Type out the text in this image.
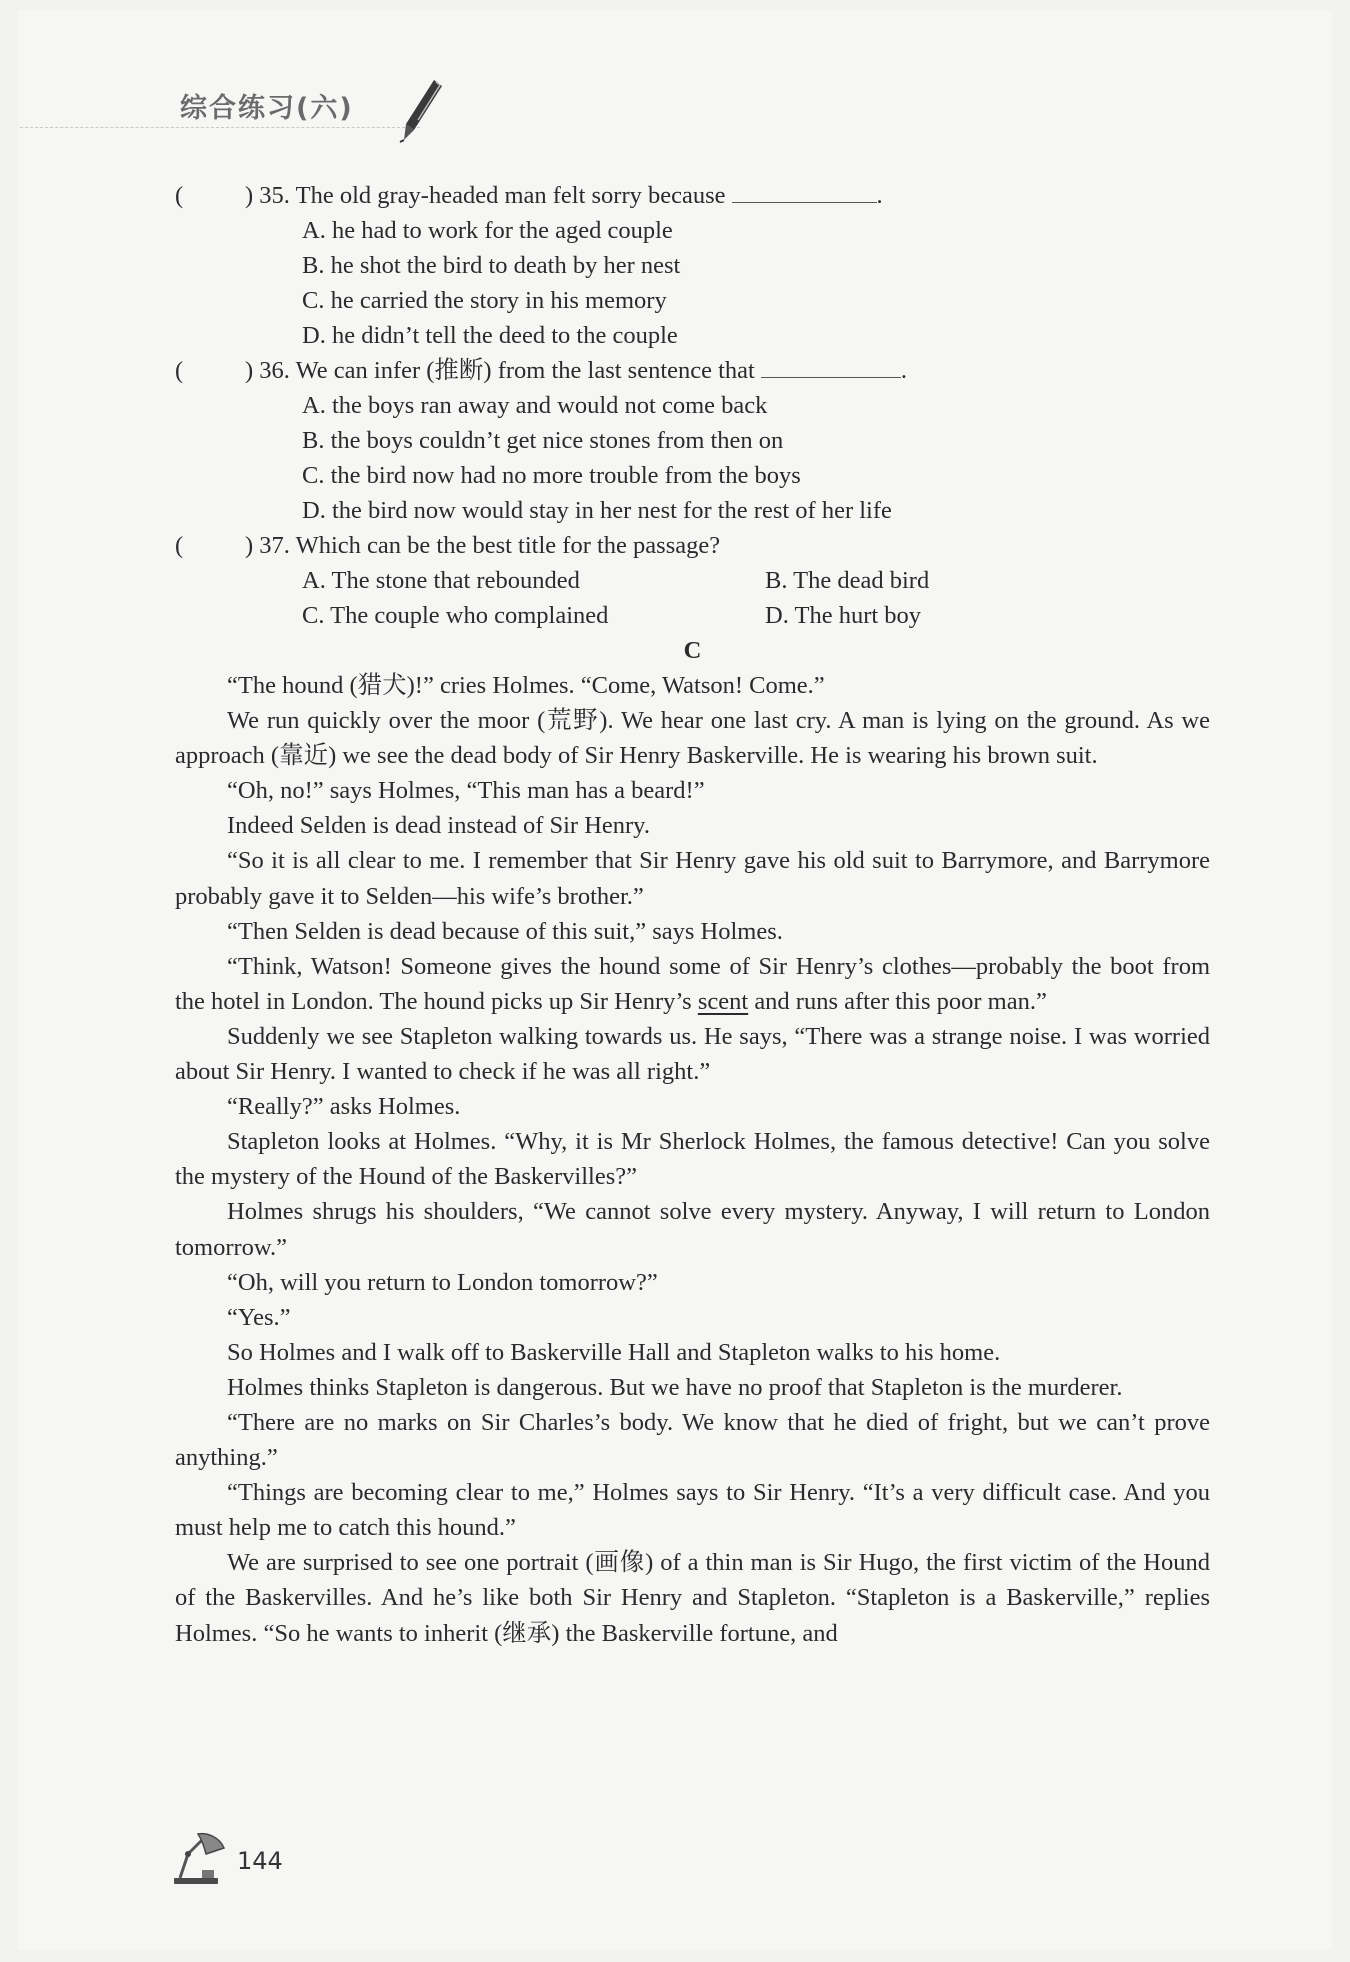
综合练习(六)
(	) 35. The old gray-headed man felt sorry because	.
A. he had to work for the aged couple
B. he shot the bird to death by her nest
C. he carried the story in his memory
D. he didn’t tell the deed to the couple
(	) 36. We can infer (推断) from the last sentence that	.
A. the boys ran away and would not come back
B. the boys couldn’t get nice stones from then on
C. the bird now had no more trouble from the boys
D. the bird now would stay in her nest for the rest of her life
(	) 37. Which can be the best title for the passage?
A. The stone that rebounded	B. The dead bird
C. The couple who complained	D. The hurt boy
C

“The hound (猎犬)!” cries Holmes. “Come, Watson! Come.”

We run quickly over the moor (荒野). We hear one last cry. A man is lying on the ground. As we approach (靠近) we see the dead body of Sir Henry Baskerville. He is wearing his brown suit.

“Oh, no!” says Holmes, “This man has a beard!”

Indeed Selden is dead instead of Sir Henry.

“So it is all clear to me. I remember that Sir Henry gave his old suit to Barrymore, and Barrymore probably gave it to Selden—his wife’s brother.”

“Then Selden is dead because of this suit,” says Holmes.

“Think, Watson! Someone gives the hound some of Sir Henry’s clothes—probably the boot from the hotel in London. The hound picks up Sir Henry’s scent and runs after this poor man.”

Suddenly we see Stapleton walking towards us. He says, “There was a strange noise. I was worried about Sir Henry. I wanted to check if he was all right.”

“Really?” asks Holmes.

Stapleton looks at Holmes. “Why, it is Mr Sherlock Holmes, the famous detective! Can you solve the mystery of the Hound of the Baskervilles?”

Holmes shrugs his shoulders, “We cannot solve every mystery. Anyway, I will return to London tomorrow.”

“Oh, will you return to London tomorrow?”

“Yes.”

So Holmes and I walk off to Baskerville Hall and Stapleton walks to his home.

Holmes thinks Stapleton is dangerous. But we have no proof that Stapleton is the murderer.

“There are no marks on Sir Charles’s body. We know that he died of fright, but we can’t prove anything.”

“Things are becoming clear to me,” Holmes says to Sir Henry. “It’s a very difficult case. And you must help me to catch this hound.”

We are surprised to see one portrait (画像) of a thin man is Sir Hugo, the first victim of the Hound of the Baskervilles. And he’s like both Sir Henry and Stapleton. “Stapleton is a Baskerville,” replies Holmes. “So he wants to inherit (继承) the Baskerville fortune, and

144
